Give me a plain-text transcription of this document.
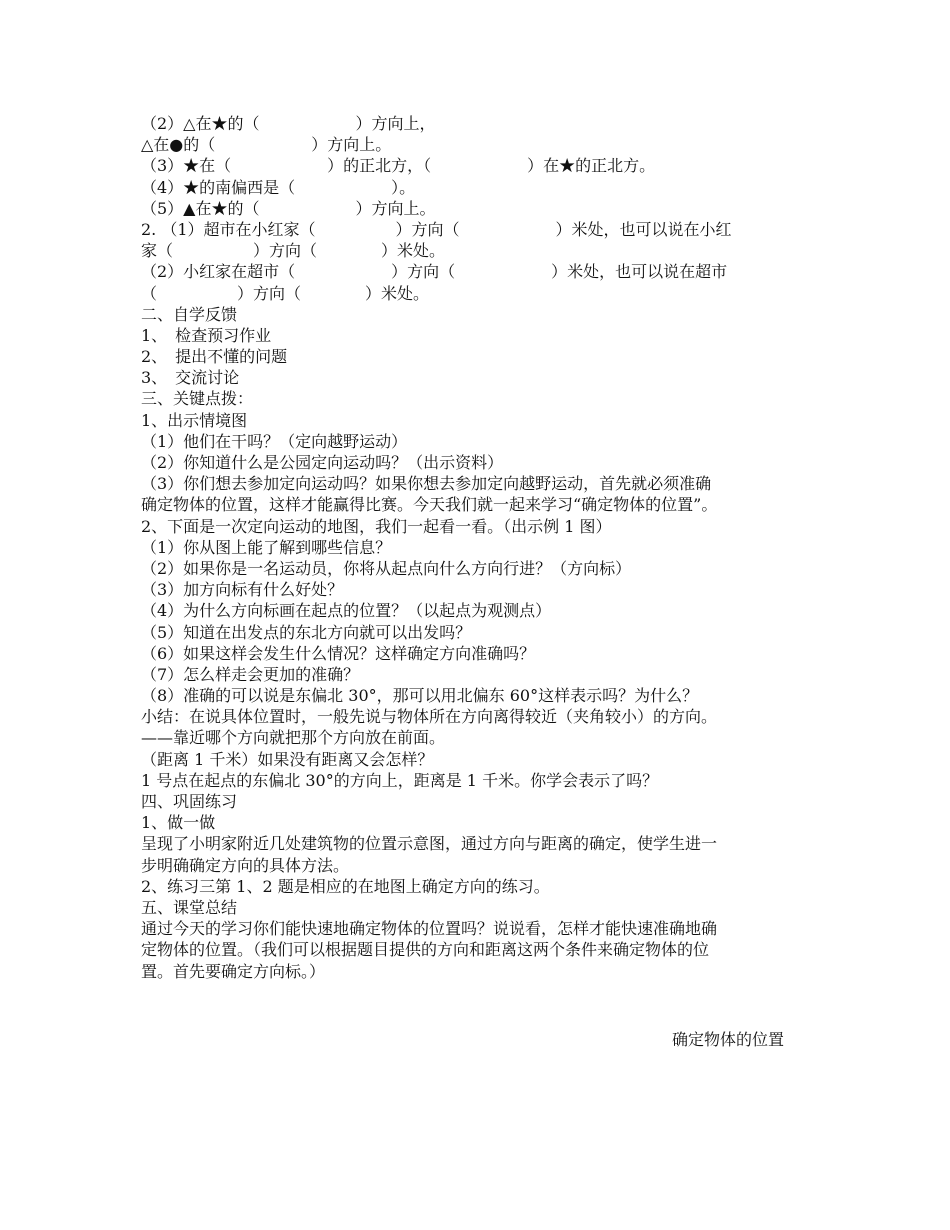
（2）△在★的（　　　　　　）方向上，
△在●的（　　　　　　）方向上。
（3）★在（　　　　　　）的正北方，（　　　　　　）在★的正北方。
（4）★的南偏西是（　　　　　　）。
（5）▲在★的（　　　　　　）方向上。
2. （1）超市在小红家（　　　　　）方向（　　　　　　）米处，也可以说在小红
家（　　　　　）方向（　　　　）米处。
（2）小红家在超市（　　　　　　）方向（　　　　　　）米处，也可以说在超市
（　　　　　）方向（　　　　）米处。
二、自学反馈
1、　检查预习作业
2、　提出不懂的问题
3、　交流讨论
三、关键点拨：
1、出示情境图
（1）他们在干吗？（定向越野运动）
（2）你知道什么是公园定向运动吗？（出示资料）
（3）你们想去参加定向运动吗？如果你想去参加定向越野运动，首先就必须准确
确定物体的位置，这样才能赢得比赛。今天我们就一起来学习“确定物体的位置”。
2、下面是一次定向运动的地图，我们一起看一看。（出示例 1 图）
（1）你从图上能了解到哪些信息？
（2）如果你是一名运动员，你将从起点向什么方向行进？（方向标）
（3）加方向标有什么好处？
（4）为什么方向标画在起点的位置？（以起点为观测点）
（5）知道在出发点的东北方向就可以出发吗？
（6）如果这样会发生什么情况？这样确定方向准确吗？
（7）怎么样走会更加的准确？
（8）准确的可以说是东偏北 30°，那可以用北偏东 60°这样表示吗？为什么？
小结：在说具体位置时，一般先说与物体所在方向离得较近（夹角较小）的方向。
——靠近哪个方向就把那个方向放在前面。
（距离 1 千米）如果没有距离又会怎样？
1 号点在起点的东偏北 30°的方向上，距离是 1 千米。你学会表示了吗？
四、巩固练习
1、做一做
呈现了小明家附近几处建筑物的位置示意图，通过方向与距离的确定，使学生进一
步明确确定方向的具体方法。
2、练习三第 1、2 题是相应的在地图上确定方向的练习。
五、课堂总结
通过今天的学习你们能快速地确定物体的位置吗？说说看，怎样才能快速准确地确
定物体的位置。（我们可以根据题目提供的方向和距离这两个条件来确定物体的位
置。首先要确定方向标。）
确定物体的位置
